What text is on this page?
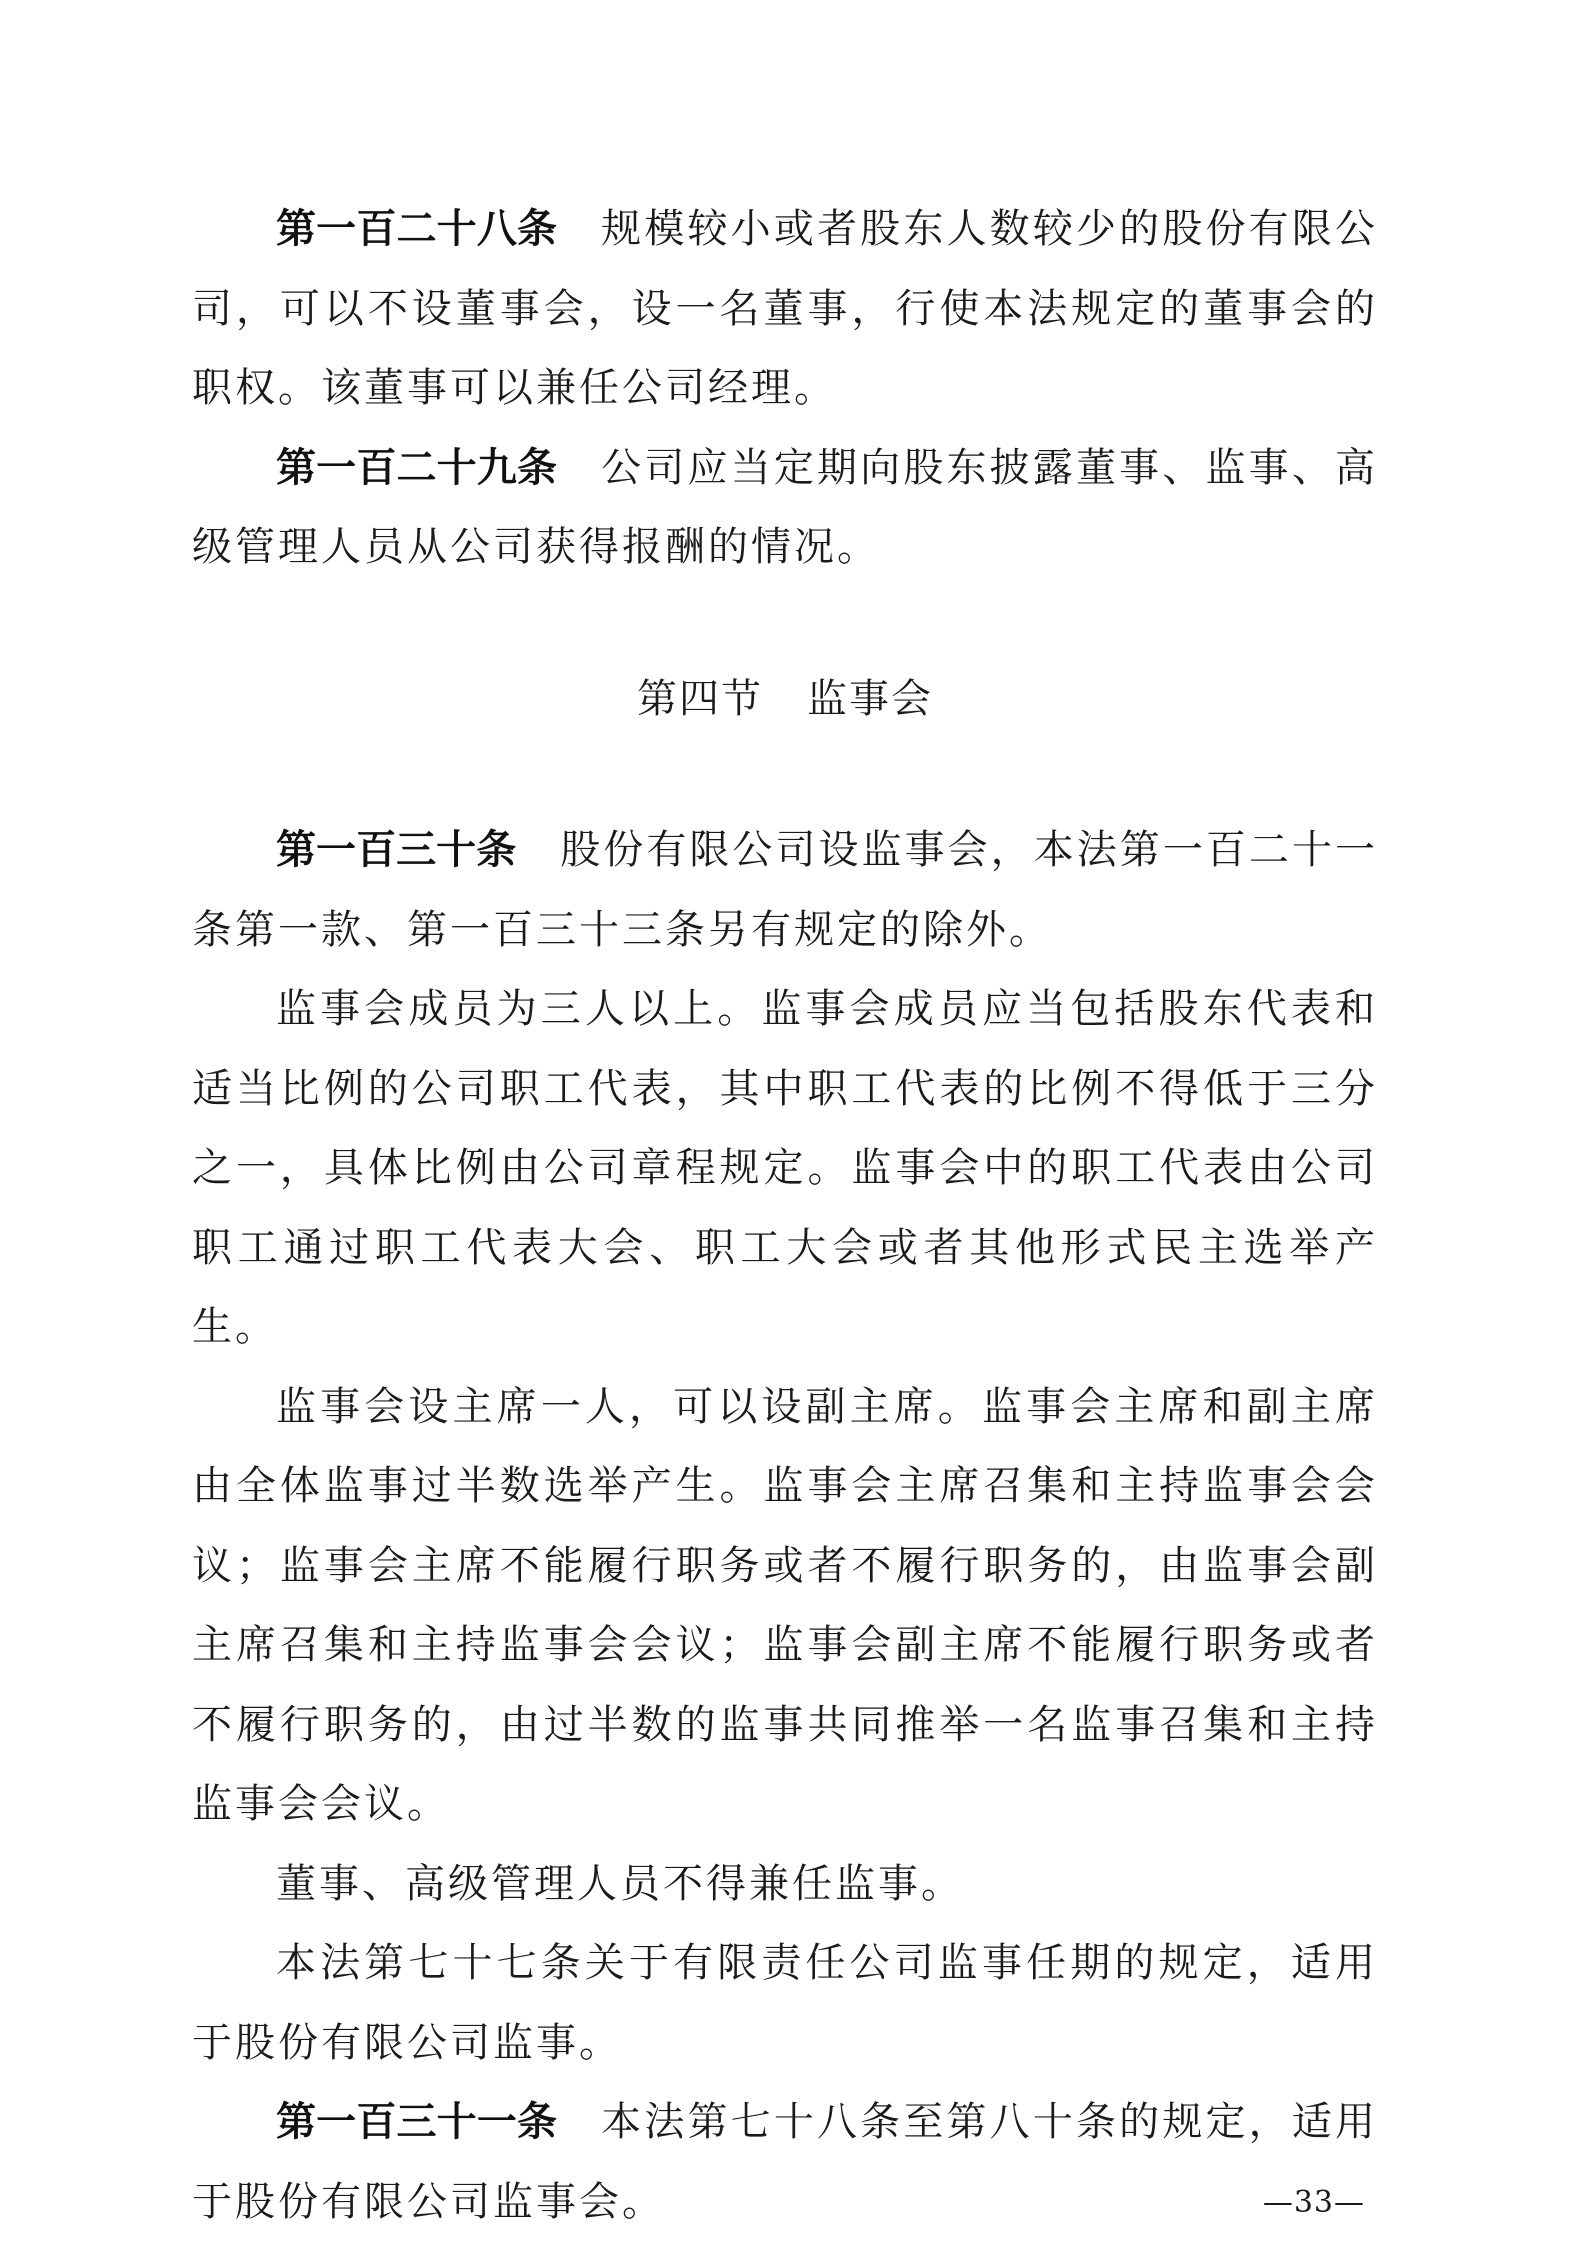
第一百二十八条 规模较小或者股东人数较少的股份有限公司，可以不设董事会，设一名董事，行使本法规定的董事会的职权。该董事可以兼任公司经理。

第一百二十九条 公司应当定期向股东披露董事、监事、高级管理人员从公司获得报酬的情况。

第四节 监事会

第一百三十条 股份有限公司设监事会，本法第一百二十一条第一款、第一百三十三条另有规定的除外。

监事会成员为三人以上。监事会成员应当包括股东代表和适当比例的公司职工代表，其中职工代表的比例不得低于三分之一，具体比例由公司章程规定。监事会中的职工代表由公司职工通过职工代表大会、职工大会或者其他形式民主选举产生。

监事会设主席一人，可以设副主席。监事会主席和副主席由全体监事过半数选举产生。监事会主席召集和主持监事会会议；监事会主席不能履行职务或者不履行职务的，由监事会副主席召集和主持监事会会议；监事会副主席不能履行职务或者不履行职务的，由过半数的监事共同推举一名监事召集和主持监事会会议。

董事、高级管理人员不得兼任监事。

本法第七十七条关于有限责任公司监事任期的规定，适用于股份有限公司监事。

第一百三十一条 本法第七十八条至第八十条的规定，适用于股份有限公司监事会。	—33—
